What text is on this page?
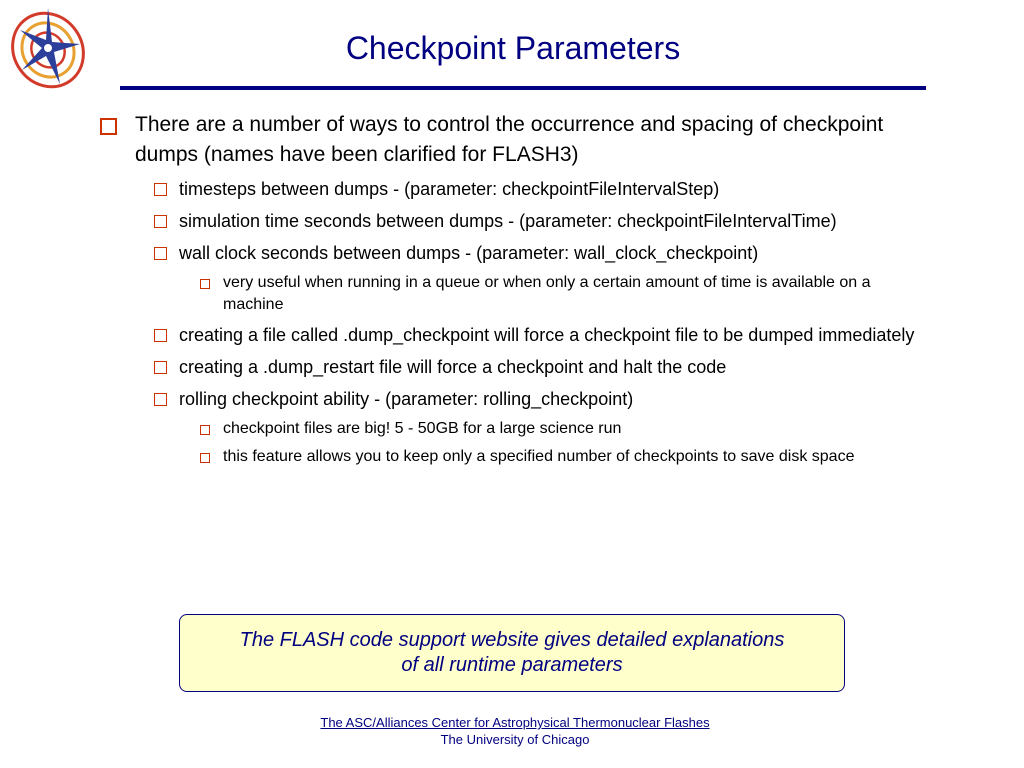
Checkpoint Parameters
There are a number of ways to control the occurrence and spacing of checkpoint dumps (names have been clarified for FLASH3)
timesteps between dumps - (parameter: checkpointFileIntervalStep)
simulation time seconds between dumps - (parameter: checkpointFileIntervalTime)
wall clock seconds between dumps - (parameter: wall_clock_checkpoint)
very useful when running in a queue or when only a certain amount of time is available on a machine
creating a file called .dump_checkpoint will force a checkpoint file to be dumped immediately
creating a .dump_restart file will force a checkpoint and halt the code
rolling checkpoint ability - (parameter: rolling_checkpoint)
checkpoint files are big! 5 - 50GB for a large science run
this feature allows you to keep only a specified number of checkpoints to save disk space
The FLASH code support website gives detailed explanations
of all runtime parameters
The ASC/Alliances Center for Astrophysical Thermonuclear Flashes
The University of Chicago
